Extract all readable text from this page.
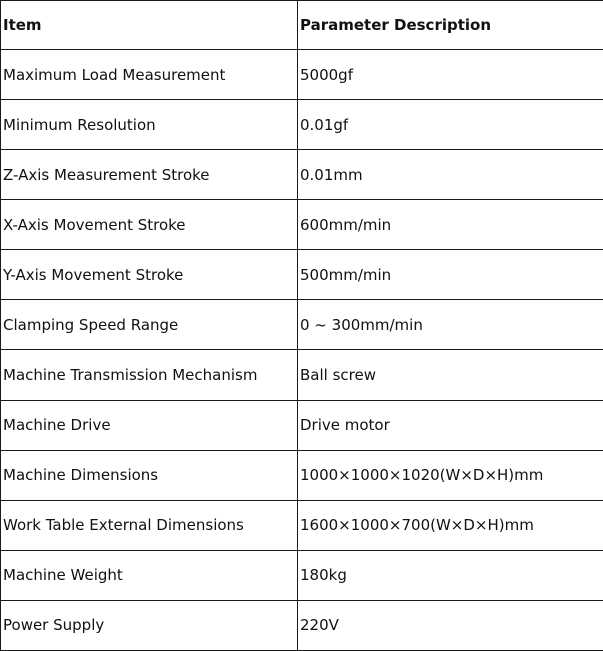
Item	Parameter Description
Maximum Load Measurement	5000gf
Minimum Resolution	0.01gf
Z-Axis Measurement Stroke	0.01mm
X-Axis Movement Stroke	600mm/min
Y-Axis Movement Stroke	500mm/min
Clamping Speed Range	0 ~ 300mm/min
Machine Transmission Mechanism	Ball screw
Machine Drive	Drive motor
Machine Dimensions	1000×1000×1020(W×D×H)mm
Work Table External Dimensions	1600×1000×700(W×D×H)mm
Machine Weight	180kg
Power Supply	220V
